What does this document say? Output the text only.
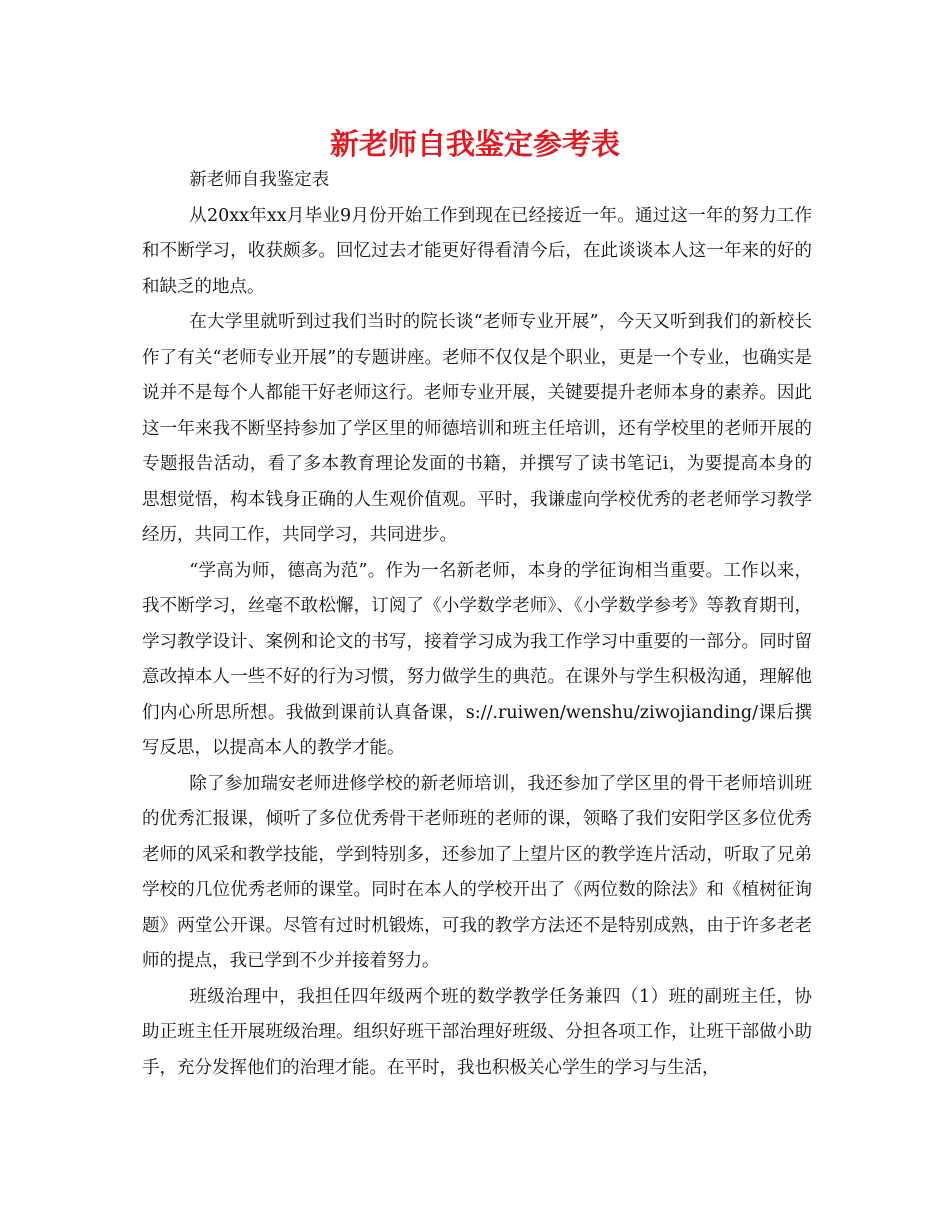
新老师自我鉴定参考表

新老师自我鉴定表

从20xx年xx月毕业9月份开始工作到现在已经接近一年。通过这一年的努力工作和不断学习，收获颇多。回忆过去才能更好得看清今后，在此谈谈本人这一年来的好的和缺乏的地点。

在大学里就听到过我们当时的院长谈“老师专业开展”，今天又听到我们的新校长作了有关“老师专业开展”的专题讲座。老师不仅仅是个职业，更是一个专业，也确实是说并不是每个人都能干好老师这行。老师专业开展，关键要提升老师本身的素养。因此这一年来我不断坚持参加了学区里的师德培训和班主任培训，还有学校里的老师开展的专题报告活动，看了多本教育理论发面的书籍，并撰写了读书笔记i，为要提高本身的思想觉悟，构本钱身正确的人生观价值观。平时，我谦虚向学校优秀的老老师学习教学经历，共同工作，共同学习，共同进步。

“学高为师，德高为范”。作为一名新老师，本身的学征询相当重要。工作以来，我不断学习，丝毫不敢松懈，订阅了《小学数学老师》、《小学数学参考》等教育期刊，学习教学设计、案例和论文的书写，接着学习成为我工作学习中重要的一部分。同时留意改掉本人一些不好的行为习惯，努力做学生的典范。在课外与学生积极沟通，理解他们内心所思所想。我做到课前认真备课，s://.ruiwen/wenshu/ziwojianding/课后撰写反思，以提高本人的教学才能。

除了参加瑞安老师进修学校的新老师培训，我还参加了学区里的骨干老师培训班的优秀汇报课，倾听了多位优秀骨干老师班的老师的课，领略了我们安阳学区多位优秀老师的风采和教学技能，学到特别多，还参加了上望片区的教学连片活动，听取了兄弟学校的几位优秀老师的课堂。同时在本人的学校开出了《两位数的除法》和《植树征询题》两堂公开课。尽管有过时机锻炼，可我的教学方法还不是特别成熟，由于许多老老师的提点，我已学到不少并接着努力。

班级治理中，我担任四年级两个班的数学教学任务兼四（1）班的副班主任，协助正班主任开展班级治理。组织好班干部治理好班级、分担各项工作，让班干部做小助手，充分发挥他们的治理才能。在平时，我也积极关心学生的学习与生活，
